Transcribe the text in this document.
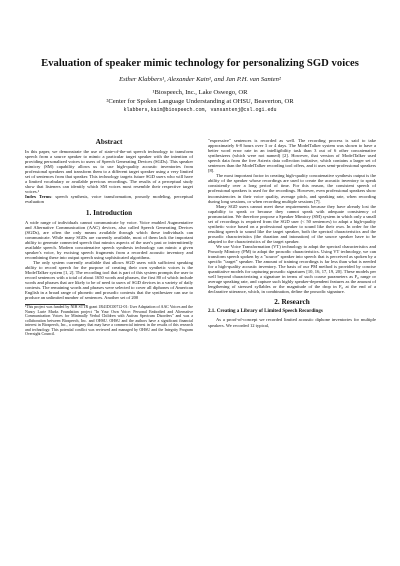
Evaluation of speaker mimic technology for personalizing SGD voices
Esther Klabbers¹, Alexander Kain¹, and Jan P.H. van Santen²
¹Biospeech, Inc., Lake Oswego, OR
²Center for Spoken Language Understanding at OHSU, Beaverton, OR
klabbers,kain@biospeech.com, vansantenj@csl.ogi.edu
Abstract

In this paper, we demonstrate the use of state-of-the-art speech technology to transform speech from a source speaker to mimic a particular target speaker with the intention of providing personalized voices to users of Speech Generating Devices (SGDs). This speaker mimicry (SM) capability allows us to use high-quality acoustic inventories from professional speakers and transform them to a different target speaker using a very limited set of sentences from that speaker. This technology targets future SGD users who will have a limited vocabulary or available previous recordings. The results of a perceptual study show that listeners can identify which SM voices most resemble their respective target voices.¹

Index Terms: speech synthesis, voice transformation, prosody modeling, perceptual evaluation

1. Introduction

A wide range of individuals cannot communicate by voice. Voice enabled Augmentative and Alternative Communication (AAC) devices, also called Speech Generating Devices (SGDs), are often the only means available through which these individuals can communicate. While many SGDs are currently available, most of them lack the important ability to generate connected speech that mimics aspects of the user's past or intermittently available speech. Modern concatenative speech synthesis technology can mimic a given speaker's voice, by excising speech fragments from a recorded acoustic inventory and recombining these into output speech using sophisticated algorithms.

The only system currently available that allows SGD users with sufficient speaking ability to record speech for the purpose of creating their own synthetic voices is the ModelTalker system [1, 2]. The recording tool that is part of this system prompts the user to record sentences with a total of about 1650 words and phrases, the first 80 of which include words and phrases that are likely to be of need to users of SGD devices in a variety of daily contexts. The remaining words and phrases were selected to cover all diphones of American English in a broad range of phonetic and prosodic contexts that the synthesizer can use to produce an unlimited number of sentences. Another set of 200

¹This project was funded by NIH STTR grant 1R41DC00712-01: User Adaptation of AAC Voices and the Nancy Lurie Marks Foundation project "In Your Own Voice: Personal Embodied and Alternative Communication Voices for Minimally Verbal Children with Autism Spectrum Disorders" and was a collaboration between Biospeech, Inc. and OHSU. OHSU and the authors have a significant financial interest in Biospeech, Inc., a company that may have a commercial interest in the results of this research and technology. This potential conflict was reviewed and managed by OHSU and the Integrity Program Oversight Council.

"expressive" sentences is recorded as well. The recording process is said to take approximately 6-8 hours over 3 or 4 days. The ModelTalker system was shown to have a better word error rate in an intelligibility task than 3 out of 6 other concatenative synthesizers (which were not named) [2]. However, that version of ModelTalker used speech data from the free Asterix data collection initiative, which contains a larger set of sentences than the ModelTalker recording tool offers, and it uses semi-professional speakers [8].

The most important factor in creating high-quality concatenative synthesis output is the ability of the speaker whose recordings are used to create the acoustic inventory to speak consistently over a long period of time. For this reason, the consistent speech of professional speakers is used for the recordings. However, even professional speakers show inconsistencies in their voice quality, average pitch, and speaking rate, when recording during long sessions, or when recording multiple sessions [7].

Many SGD users cannot meet these requirements because they have already lost the capability to speak or because they cannot speak with adequate consistency of pronunciation. We therefore propose a Speaker Mimicry (SM) system in which only a small set of recordings is required from the SGD user (< 50 sentences) to adapt a high-quality synthetic voice based on a professional speaker to sound like their own. In order for the resulting speech to sound like the target speaker, both the spectral characteristics and the prosodic characteristics (the duration and intonation) of the source speaker have to be adapted to the characteristics of the target speaker.

We use Voice Transformation (VT) technology to adapt the spectral characteristics and Prosody Mimicry (PM) to adapt the prosodic characteristics. Using VT technology, we can transform speech spoken by a "source" speaker into speech that is perceived as spoken by a specific "target" speaker. The amount of training recordings is far less than what is needed for a high-quality acoustic inventory. The basis of our PM method is provided by concise quantitative models for capturing prosodic signatures [10, 16, 17, 19, 20]. These models per well beyond characterizing a signature in terms of such coarse parameters as F₀ range or average speaking rate, and capture such highly speaker-dependent features as the amount of lengthening of stressed syllables or the magnitude of the drop in F₀ at the end of a declarative utterance, which, in combination, define the prosodic signature.

2. Research
2.1. Creating a Library of Limited Speech Recordings

As a proof-of-concept we recorded limited acoustic diphone inventories for multiple speakers. We recorded 12 typical,
